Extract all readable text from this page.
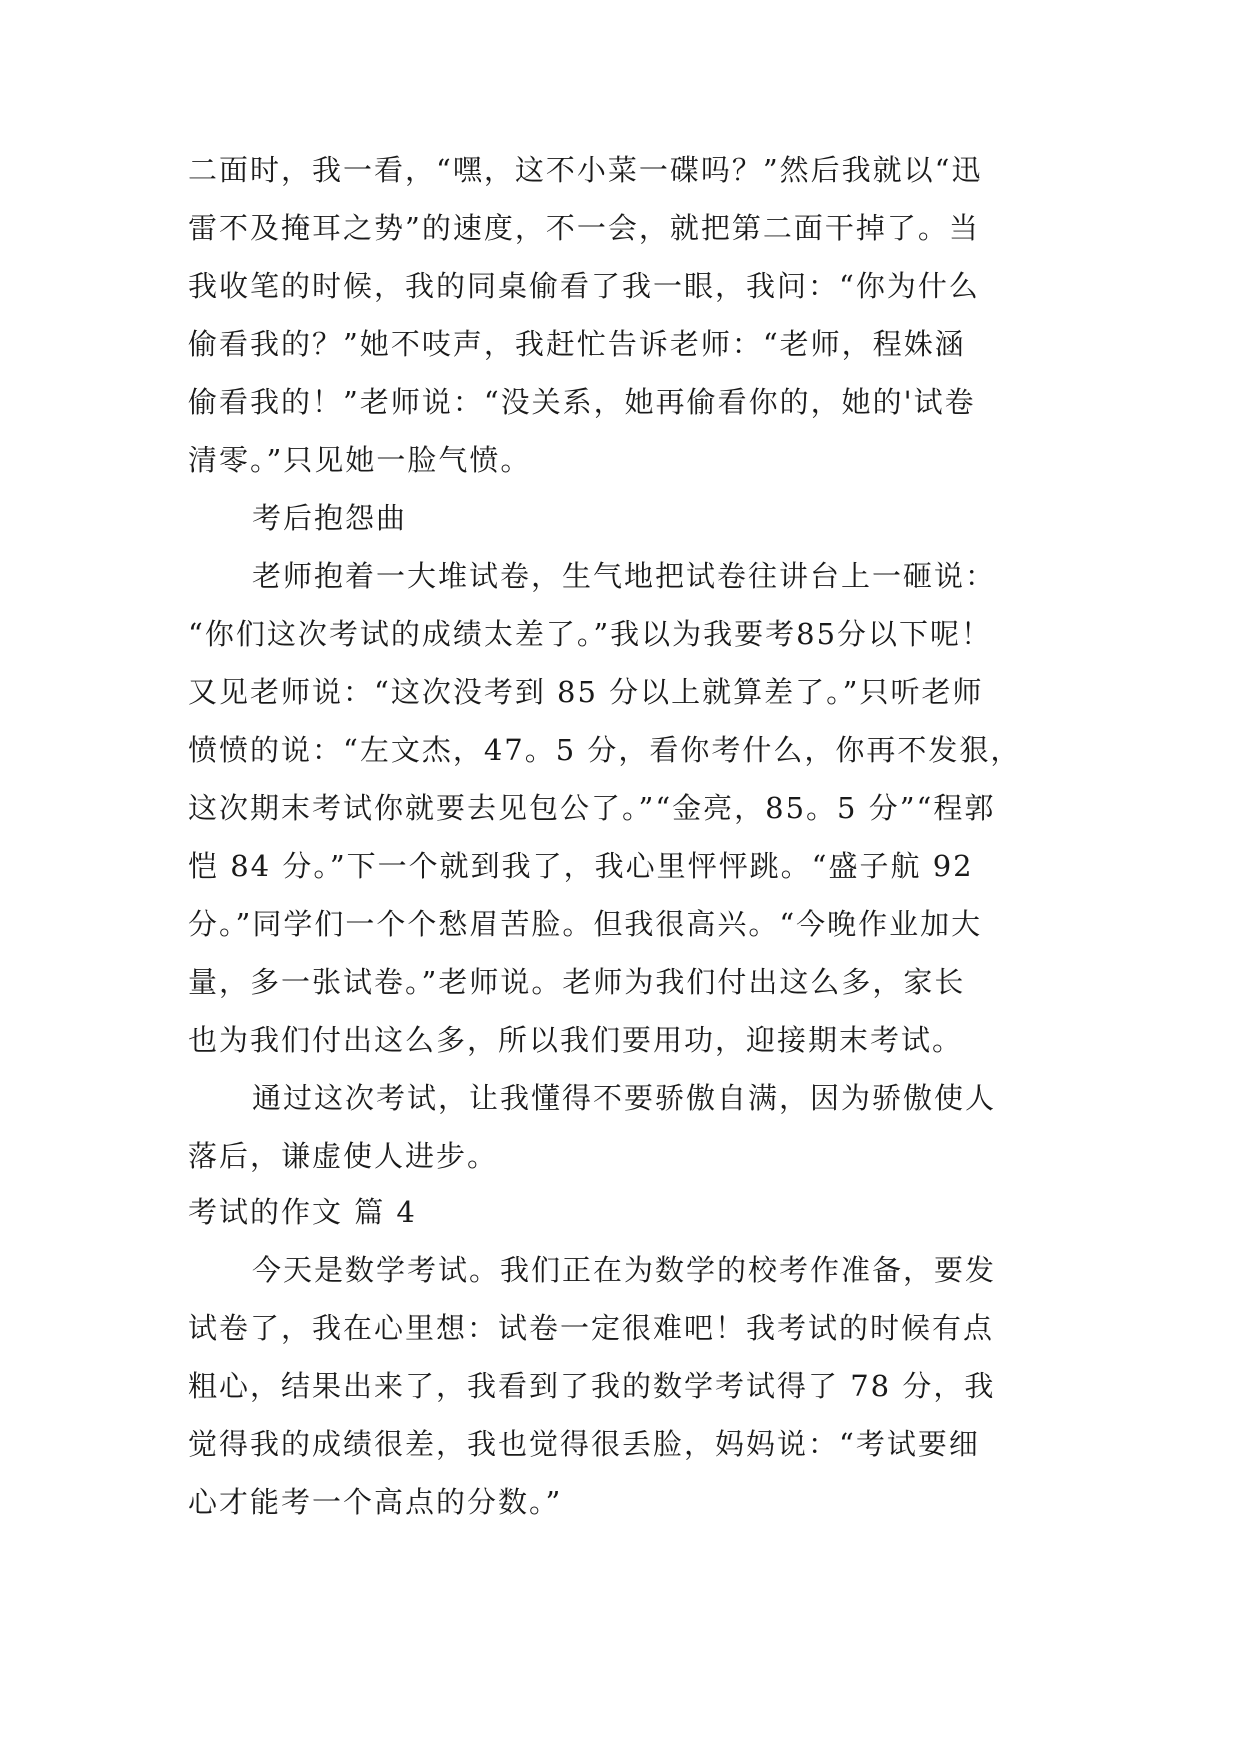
二面时，我一看，“嘿，这不小菜一碟吗？”然后我就以“迅
雷不及掩耳之势”的速度，不一会，就把第二面干掉了。当
我收笔的时候，我的同桌偷看了我一眼，我问：“你为什么
偷看我的？”她不吱声，我赶忙告诉老师：“老师，程姝涵
偷看我的！”老师说：“没关系，她再偷看你的，她的'试卷
清零。”只见她一脸气愤。
考后抱怨曲
老师抱着一大堆试卷，生气地把试卷往讲台上一砸说：
“你们这次考试的成绩太差了。”我以为我要考85分以下呢！
又见老师说：“这次没考到 85 分以上就算差了。”只听老师
愤愤的说：“左文杰，47。5 分，看你考什么，你再不发狠，
这次期末考试你就要去见包公了。”“金亮，85。5 分”“程郭
恺 84 分。”下一个就到我了，我心里怦怦跳。“盛子航 92
分。”同学们一个个愁眉苦脸。但我很高兴。“今晚作业加大
量，多一张试卷。”老师说。老师为我们付出这么多，家长
也为我们付出这么多，所以我们要用功，迎接期末考试。
通过这次考试，让我懂得不要骄傲自满，因为骄傲使人
落后，谦虚使人进步。
考试的作文 篇 4
今天是数学考试。我们正在为数学的校考作准备，要发
试卷了，我在心里想：试卷一定很难吧！我考试的时候有点
粗心，结果出来了，我看到了我的数学考试得了 78 分，我
觉得我的成绩很差，我也觉得很丢脸，妈妈说：“考试要细
心才能考一个高点的分数。”
